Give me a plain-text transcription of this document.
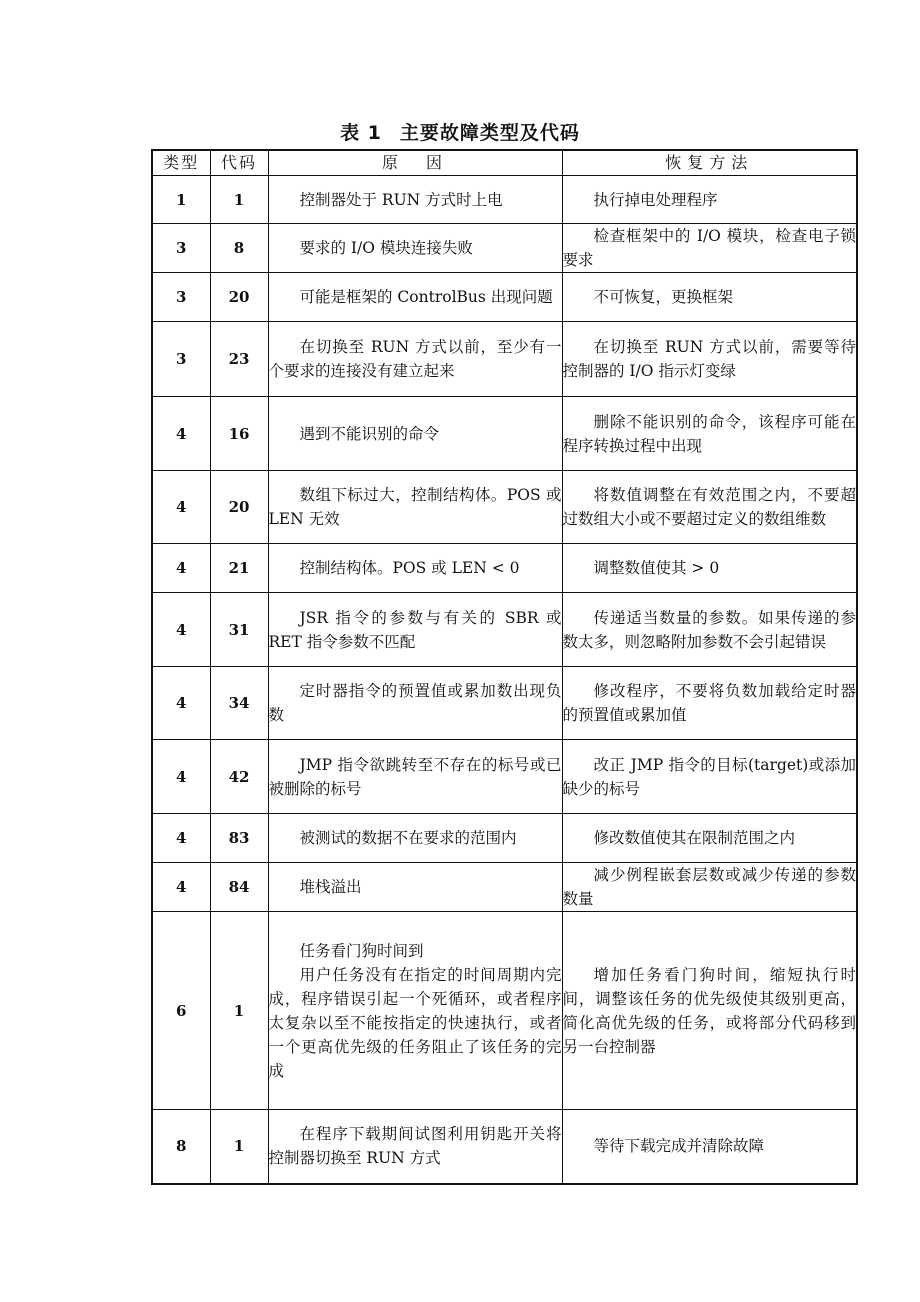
表 1 主要故障类型及代码
类型	代码	原　因	恢复方法
1	1	控制器处于 RUN 方式时上电	执行掉电处理程序

3	8	要求的 I/O 模块连接失败	检查框架中的 I/O 模块，检查电子锁要求

3	20	可能是框架的 ControlBus 出现问题	不可恢复，更换框架

3	23	在切换至 RUN 方式以前，至少有一个要求的连接没有建立起来	在切换至 RUN 方式以前，需要等待控制器的 I/O 指示灯变绿

4	16	遇到不能识别的命令	删除不能识别的命令，该程序可能在程序转换过程中出现

4	20	数组下标过大，控制结构体。POS 或 LEN 无效	将数值调整在有效范围之内，不要超过数组大小或不要超过定义的数组维数

4	21	控制结构体。POS 或 LEN < 0	调整数值使其 > 0

4	31	JSR 指令的参数与有关的 SBR 或 RET 指令参数不匹配	传递适当数量的参数。如果传递的参数太多，则忽略附加参数不会引起错误

4	34	定时器指令的预置值或累加数出现负数	修改程序，不要将负数加载给定时器的预置值或累加值

4	42	JMP 指令欲跳转至不存在的标号或已被删除的标号	改正 JMP 指令的目标(target)或添加缺少的标号

4	83	被测试的数据不在要求的范围内	修改数值使其在限制范围之内

4	84	堆栈溢出	减少例程嵌套层数或减少传递的参数数量

6	1	任务看门狗时间到
用户任务没有在指定的时间周期内完成，程序错误引起一个死循环，或者程序太复杂以至不能按指定的快速执行，或者一个更高优先级的任务阻止了该任务的完成	增加任务看门狗时间，缩短执行时间，调整该任务的优先级使其级别更高，简化高优先级的任务，或将部分代码移到另一台控制器

8	1	在程序下载期间试图利用钥匙开关将控制器切换至 RUN 方式	等待下载完成并清除故障
